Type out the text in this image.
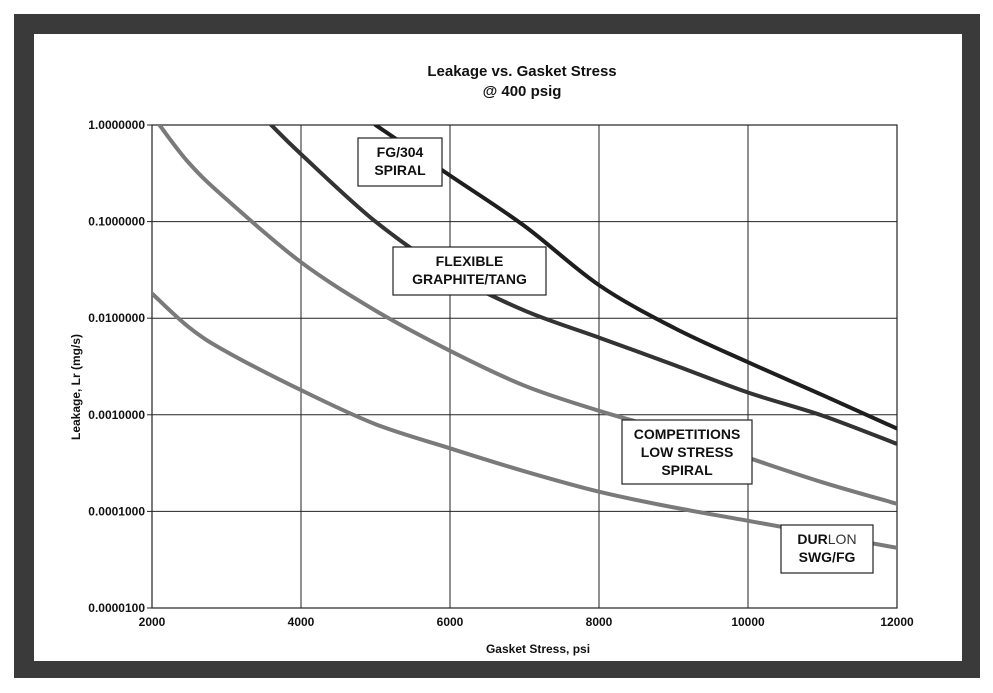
Leakage vs. Gasket Stress
@ 400 psig
2000	4000	6000	8000	10000	12000
1.0000000
0.1000000
0.0100000
0.0010000
0.0001000
0.0000100
FG/304
SPIRAL
FLEXIBLE
GRAPHITE/TANG
COMPETITIONS
LOW STRESS
SPIRAL
DURLON
SWG/FG
Gasket Stress, psi
Leakage, Lr (mg/s)
